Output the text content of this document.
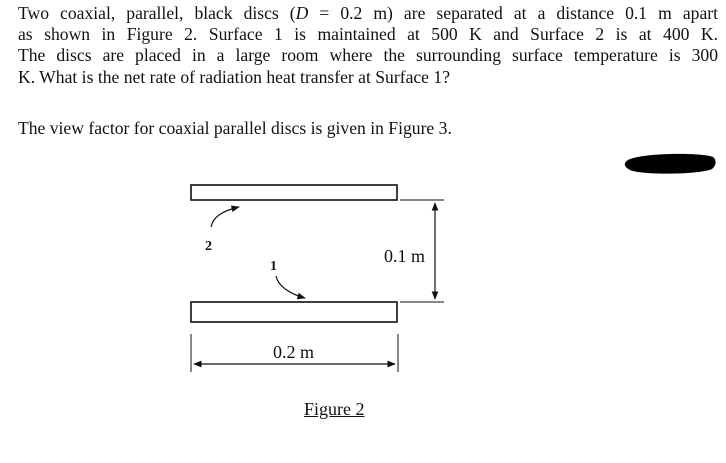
Two coaxial, parallel, black discs (D = 0.2 m) are separated at a distance 0.1 m apart
as shown in Figure 2. Surface 1 is maintained at 500 K and Surface 2 is at 400 K.
The discs are placed in a large room where the surrounding surface temperature is 300
K. What is the net rate of radiation heat transfer at Surface 1?

The view factor for coaxial parallel discs is given in Figure 3.

2
1
0.1 m
0.2 m
Figure 2
